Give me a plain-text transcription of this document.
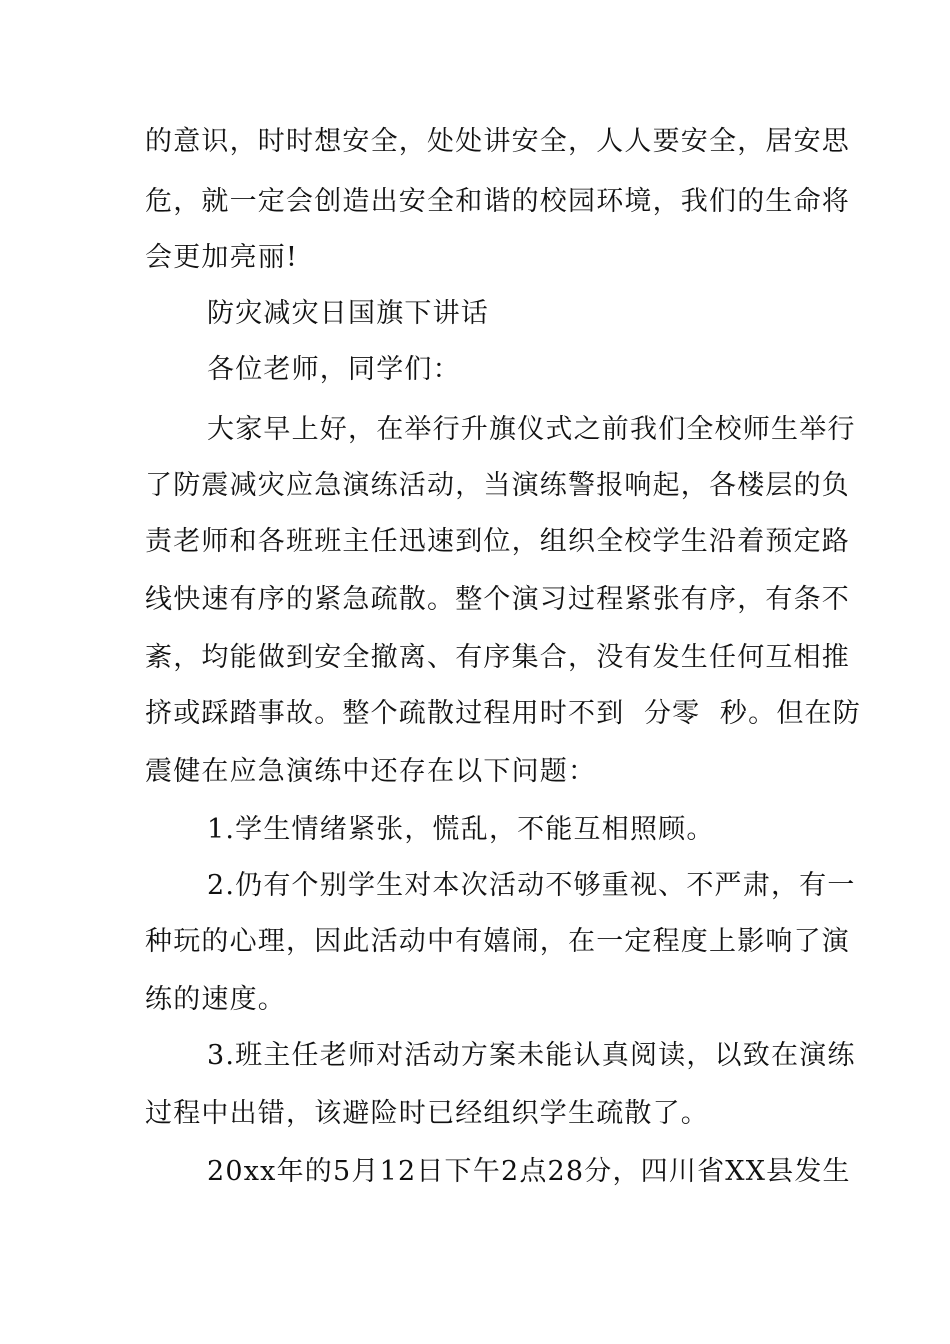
的意识，时时想安全，处处讲安全，人人要安全，居安思
危，就一定会创造出安全和谐的校园环境，我们的生命将
会更加亮丽!
防灾减灾日国旗下讲话
各位老师，同学们：
大家早上好，在举行升旗仪式之前我们全校师生举行
了防震减灾应急演练活动，当演练警报响起，各楼层的负
责老师和各班班主任迅速到位，组织全校学生沿着预定路
线快速有序的紧急疏散。整个演习过程紧张有序，有条不
紊，均能做到安全撤离、有序集合，没有发生任何互相推
挤或踩踏事故。整个疏散过程用时不到  分零  秒。但在防
震健在应急演练中还存在以下问题：
1.学生情绪紧张，慌乱，不能互相照顾。
2.仍有个别学生对本次活动不够重视、不严肃，有一
种玩的心理，因此活动中有嬉闹，在一定程度上影响了演
练的速度。
3.班主任老师对活动方案未能认真阅读，以致在演练
过程中出错，该避险时已经组织学生疏散了。
20xx年的5月12日下午2点28分，四川省XX县发生
